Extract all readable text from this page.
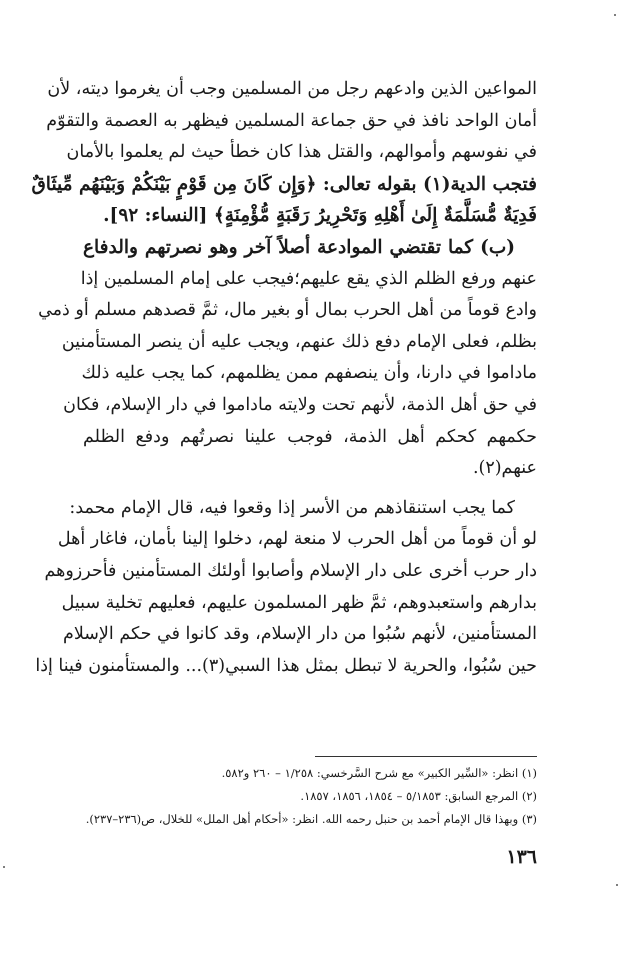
المواعين الذين وادعهم رجل من المسلمين وجب أن يغرموا ديته، لأن
أمان الواحد نافذ في حق جماعة المسلمين فيظهر به العصمة والتقوّم
في نفوسهم وأموالهم، والقتل هذا كان خطأ حيث لم يعلموا بالأمان
فتجب الدية(١) بقوله تعالى: ﴿وَإِن كَانَ مِن قَوْمٍ بَيْنَكُمْ وَبَيْنَهُم مِّيثَاقٌ
فَدِيَةٌ مُّسَلَّمَةٌ إِلَىٰ أَهْلِهِ وَتَحْرِيرُ رَقَبَةٍ مُّؤْمِنَةٍ﴾ [النساء: ٩٢].
(ب) كما تقتضي الموادعة أصلاً آخر وهو نصرتهم والدفاع
عنهم ورفع الظلم الذي يقع عليهم؛فيجب على إمام المسلمين إذا
وادع قوماً من أهل الحرب بمال أو بغير مال، ثمَّ قصدهم مسلم أو ذمي
بظلم، فعلى الإمام دفع ذلك عنهم، ويجب عليه أن ينصر المستأمنين
ماداموا في دارنا، وأن ينصفهم ممن يظلمهم، كما يجب عليه ذلك
في حق أهل الذمة، لأنهم تحت ولايته ماداموا في دار الإسلام، فكان
حكمهم كحكم أهل الذمة، فوجب علينا نصرتُهم ودفع الظلم
عنهم(٢).
كما يجب استنقاذهم من الأسر إذا وقعوا فيه، قال الإمام محمد:
لو أن قوماً من أهل الحرب لا منعة لهم، دخلوا إلينا بأمان، فاغار أهل
دار حرب أخرى على دار الإسلام وأصابوا أولئك المستأمنين فأحرزوهم
بدارهم واستعبدوهم، ثمَّ ظهر المسلمون عليهم، فعليهم تخلية سبيل
المستأمنين، لأنهم سُبُوا من دار الإسلام، وقد كانوا في حكم الإسلام
حين سُبُوا، والحرية لا تبطل بمثل هذا السبي(٣)... والمستأمنون فينا إذا
(١) انظر: «السِّير الكبير» مع شرح السَّرخسي: ١/٢٥٨ – ٢٦٠ و٥٨٢.
(٢) المرجع السابق: ٥/١٨٥٣ – ١٨٥٤، ١٨٥٦، ١٨٥٧.
(٣) وبهذا قال الإمام أحمد بن حنبل رحمه الله. انظر: «أحكام أهل الملل» للخلال، ص(٢٣٦–٢٣٧).
١٣٦
